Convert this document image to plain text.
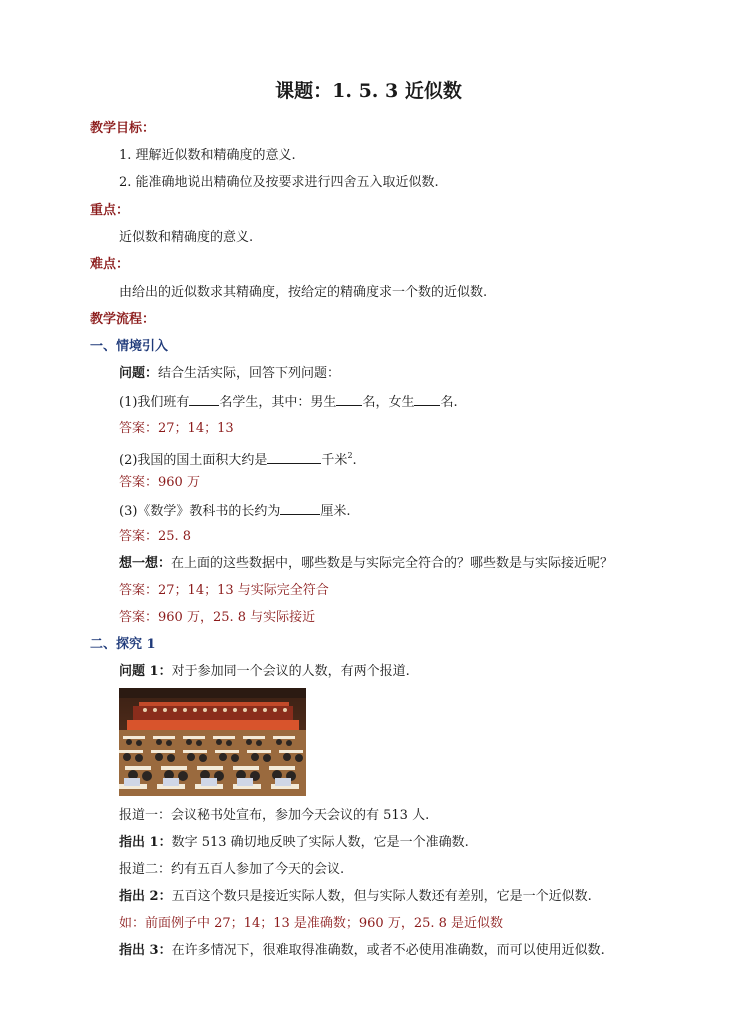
课题：1. 5. 3 近似数
教学目标：
1. 理解近似数和精确度的意义.
2. 能准确地说出精确位及按要求进行四舍五入取近似数.
重点：
近似数和精确度的意义.
难点：
由给出的近似数求其精确度，按给定的精确度求一个数的近似数.
教学流程：
一、情境引入
问题：结合生活实际，回答下列问题：
(1)我们班有 名学生，其中：男生 名，女生 名.
答案：27；14；13
(2)我国的国土面积大约是	千米$^2$.
答案：960 万
(3)《数学》教科书的长约为	厘米.
答案：25. 8
想一想：在上面的这些数据中，哪些数是与实际完全符合的？哪些数是与实际接近呢？
答案：27；14；13 与实际完全符合
答案：960 万，25. 8 与实际接近
二、探究 1
问题 1：对于参加同一个会议的人数，有两个报道.
报道一：会议秘书处宣布，参加今天会议的有 513 人.
指出 1：数字 513 确切地反映了实际人数，它是一个准确数.
报道二：约有五百人参加了今天的会议.
指出 2：五百这个数只是接近实际人数，但与实际人数还有差别，它是一个近似数.
如：前面例子中 27；14；13 是准确数；960 万，25. 8 是近似数
指出 3：在许多情况下，很难取得准确数，或者不必使用准确数，而可以使用近似数.
